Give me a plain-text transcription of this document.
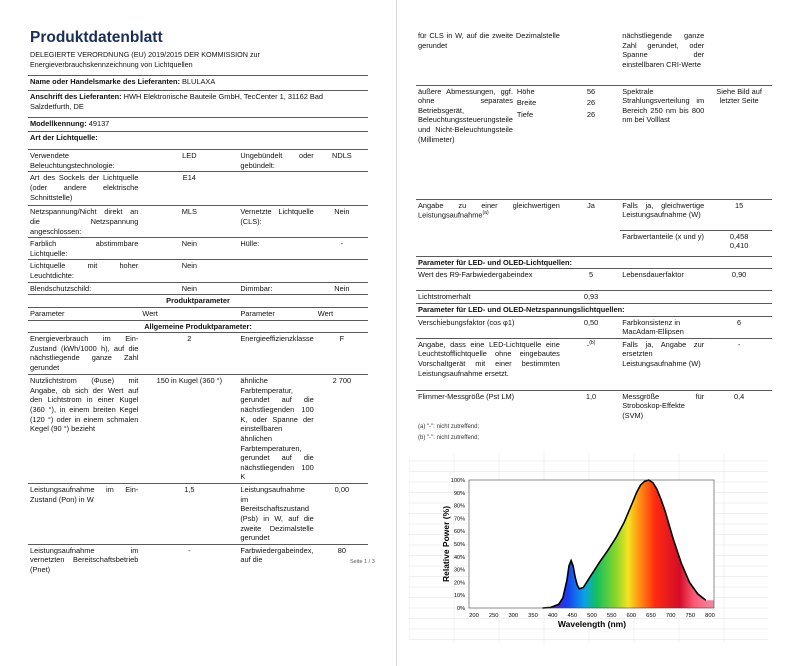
Produktdatenblatt
DELEGIERTE VERORDNUNG (EU) 2019/2015 DER KOMMISSION zur Energieverbrauchskennzeichnung von Lichtquellen
Name oder Handelsmarke des Lieferanten: BLULAXA			
Anschrift des Lieferanten: HWH Elektronische Bauteile GmbH, TecCenter 1, 31162 Bad Salzdetfurth, DE			
Modellkennung: 49137			
Art der Lichtquelle:			
Verwendete Beleuchtungstechnologie:	LED	Ungebündelt oder gebündelt:	NDLS
Art des Sockels der Lichtquelle (oder andere elektrische Schnittstelle)	E14		
Netzspannung/Nicht direkt an die Netzspannung angeschlossen:	MLS	Vernetzte Lichtquelle (CLS):	Nein
Farblich abstimmbare Lichtquelle:	Nein	Hülle:	-
Lichtquelle mit hoher Leuchtdichte:	Nein		
Blendschutzschild:	Nein	Dimmbar:	Nein
Produktparameter			
Parameter	Wert	Parameter	Wert
Allgemeine Produktparameter:			
Energieverbrauch im Ein-Zustand (kWh/1000 h), auf die nächstliegende ganze Zahl gerundet	2	Energieeffizienzklasse	F
Nutzlichtstrom (Φuse) mit Angabe, ob sich der Wert auf den Lichtstrom in einer Kugel (360 °), in einem breiten Kegel (120 °) oder in einem schmalen Kegel (90 °) bezieht	150 in Kugel (360 °)	ähnliche Farbtemperatur, gerundet auf die nächstliegenden 100 K, oder Spanne der einstellbaren ähnlichen Farbtemperaturen, gerundet auf die nächstliegenden 100 K	2 700
Leistungsaufnahme im Ein-Zustand (Pon) in W	1,5	Leistungsaufnahme im Bereitschaftszustand (Psb) in W, auf die zweite Dezimalstelle gerundet	0,00
Leistungsaufnahme im vernetzten Bereitschaftsbetrieb (Pnet)	-	Farbwiedergabeindex, auf die	80
Seite 1 / 3
für CLS in W, auf die zweite Dezimalstelle gerundet			nächstliegende ganze Zahl gerundet, oder Spanne der einstellbaren CRI-Werte	
äußere Abmessungen, ggf. ohne separates Betriebsgerät, Beleuchtungssteuerungsteile und Nicht-Beleuchtungsteile (Millimeter)	Höhe	56	Spektrale Strahlungsverteilung im Bereich 250 nm bis 800 nm bei Volllast	Siehe Bild auf letzter Seite
	Breite	26		
	Tiefe	26		
Angabe zu einer gleichwertigen Leistungsaufnahme$^{(a)}$		Ja	Falls ja, gleichwertige Leistungsaufnahme (W)	15
			Farbwertanteile (x und y)	0,458
0,410

Parameter für LED- und OLED-Lichtquellen:				
Wert des R9-Farbwiedergabeindex		5	Lebensdauerfaktor	0,90
Lichtstromerhalt		0,93		
Parameter für LED- und OLED-Netzspannungslichtquellen:				
Verschiebungsfaktor (cos φ1)		0,50	Farbkonsistenz in MacAdam-Ellipsen	6
Angabe, dass eine LED-Lichtquelle eine Leuchtstofflichtquelle ohne eingebautes Vorschaltgerät mit einer bestimmten Leistungsaufnahme ersetzt.		-$^{(b)}$	Falls ja, Angabe zur ersetzten Leistungsaufnahme (W)	-
Flimmer-Messgröße (Pst LM)		1,0	Messgröße für Stroboskop-Effekte (SVM)	0,4
(a) "-": nicht zutreffend;
(b) "-": nicht zutreffend;
0%
10%
20%
30%
40%
50%
60%
70%
80%
90%
100%
200 250 300 350 400 450 500 550 600 650 700 750 800
Relative Power (%)
Wavelength (nm)
